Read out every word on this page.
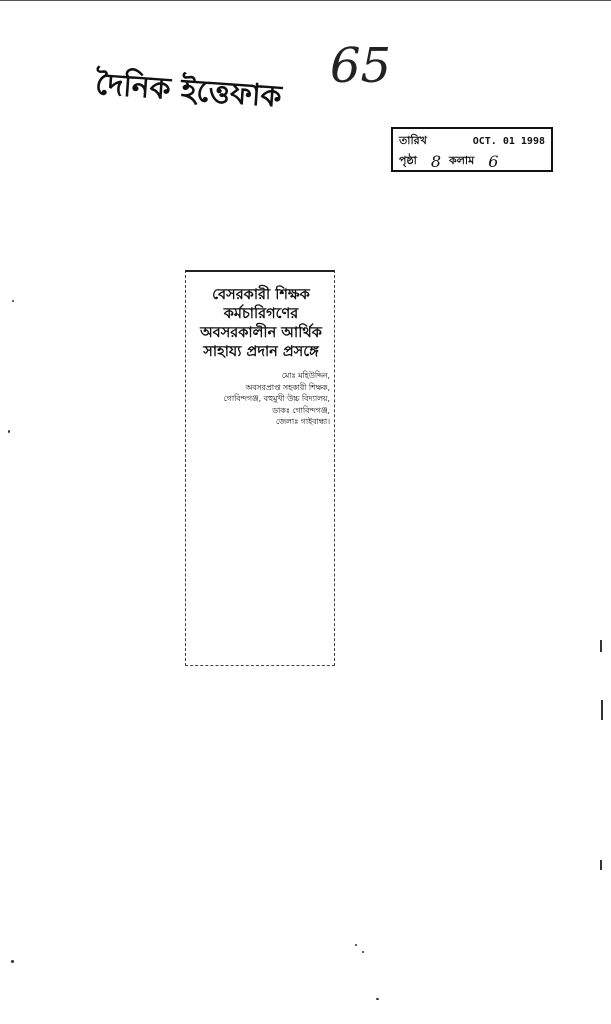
দৈনিক ইত্তেফাক 65
তারিখ	OCT. 01 1998
পৃষ্ঠা 8 কলাম 6
বেসরকারী শিক্ষক কর্মচারিগণের অবসরকালীন আর্থিক সাহায্য প্রদান প্রসঙ্গে
মোঃ মহিউদ্দিন,
অবসরপ্রাপ্ত সহকারী শিক্ষক,
গোবিন্দগঞ্জ, বহুমুখী উচ্চ বিদ্যালয়,
ডাকঃ গোবিন্দগঞ্জ,
জেলাঃ গাইবান্ধা।
